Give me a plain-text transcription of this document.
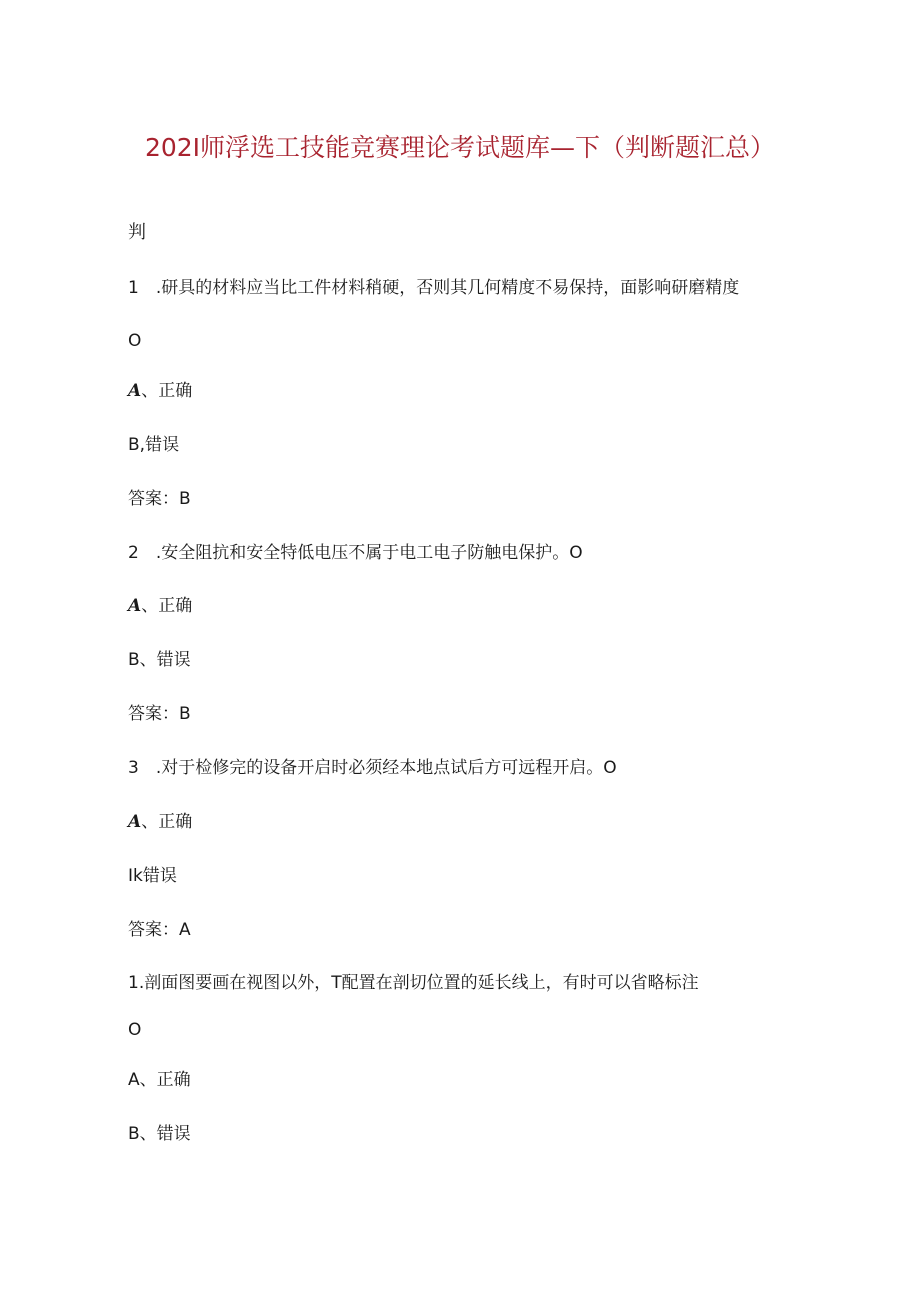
202I师浮选工技能竞赛理论考试题库—下（判断题汇总）
判
1　.研具的材料应当比工件材料稍硬，否则其几何精度不易保持，面影响研磨精度
O
A、正确
B,错误
答案：B
2　.安全阻抗和安全特低电压不属于电工电子防触电保护。O
A、正确
B、错误
答案：B
3　.对于检修完的设备开启时必须经本地点试后方可远程开启。O
A、正确
Ik错误
答案：A
1.剖面图要画在视图以外，T配置在剖切位置的延长线上，有时可以省略标注
O
A、正确
B、错误
